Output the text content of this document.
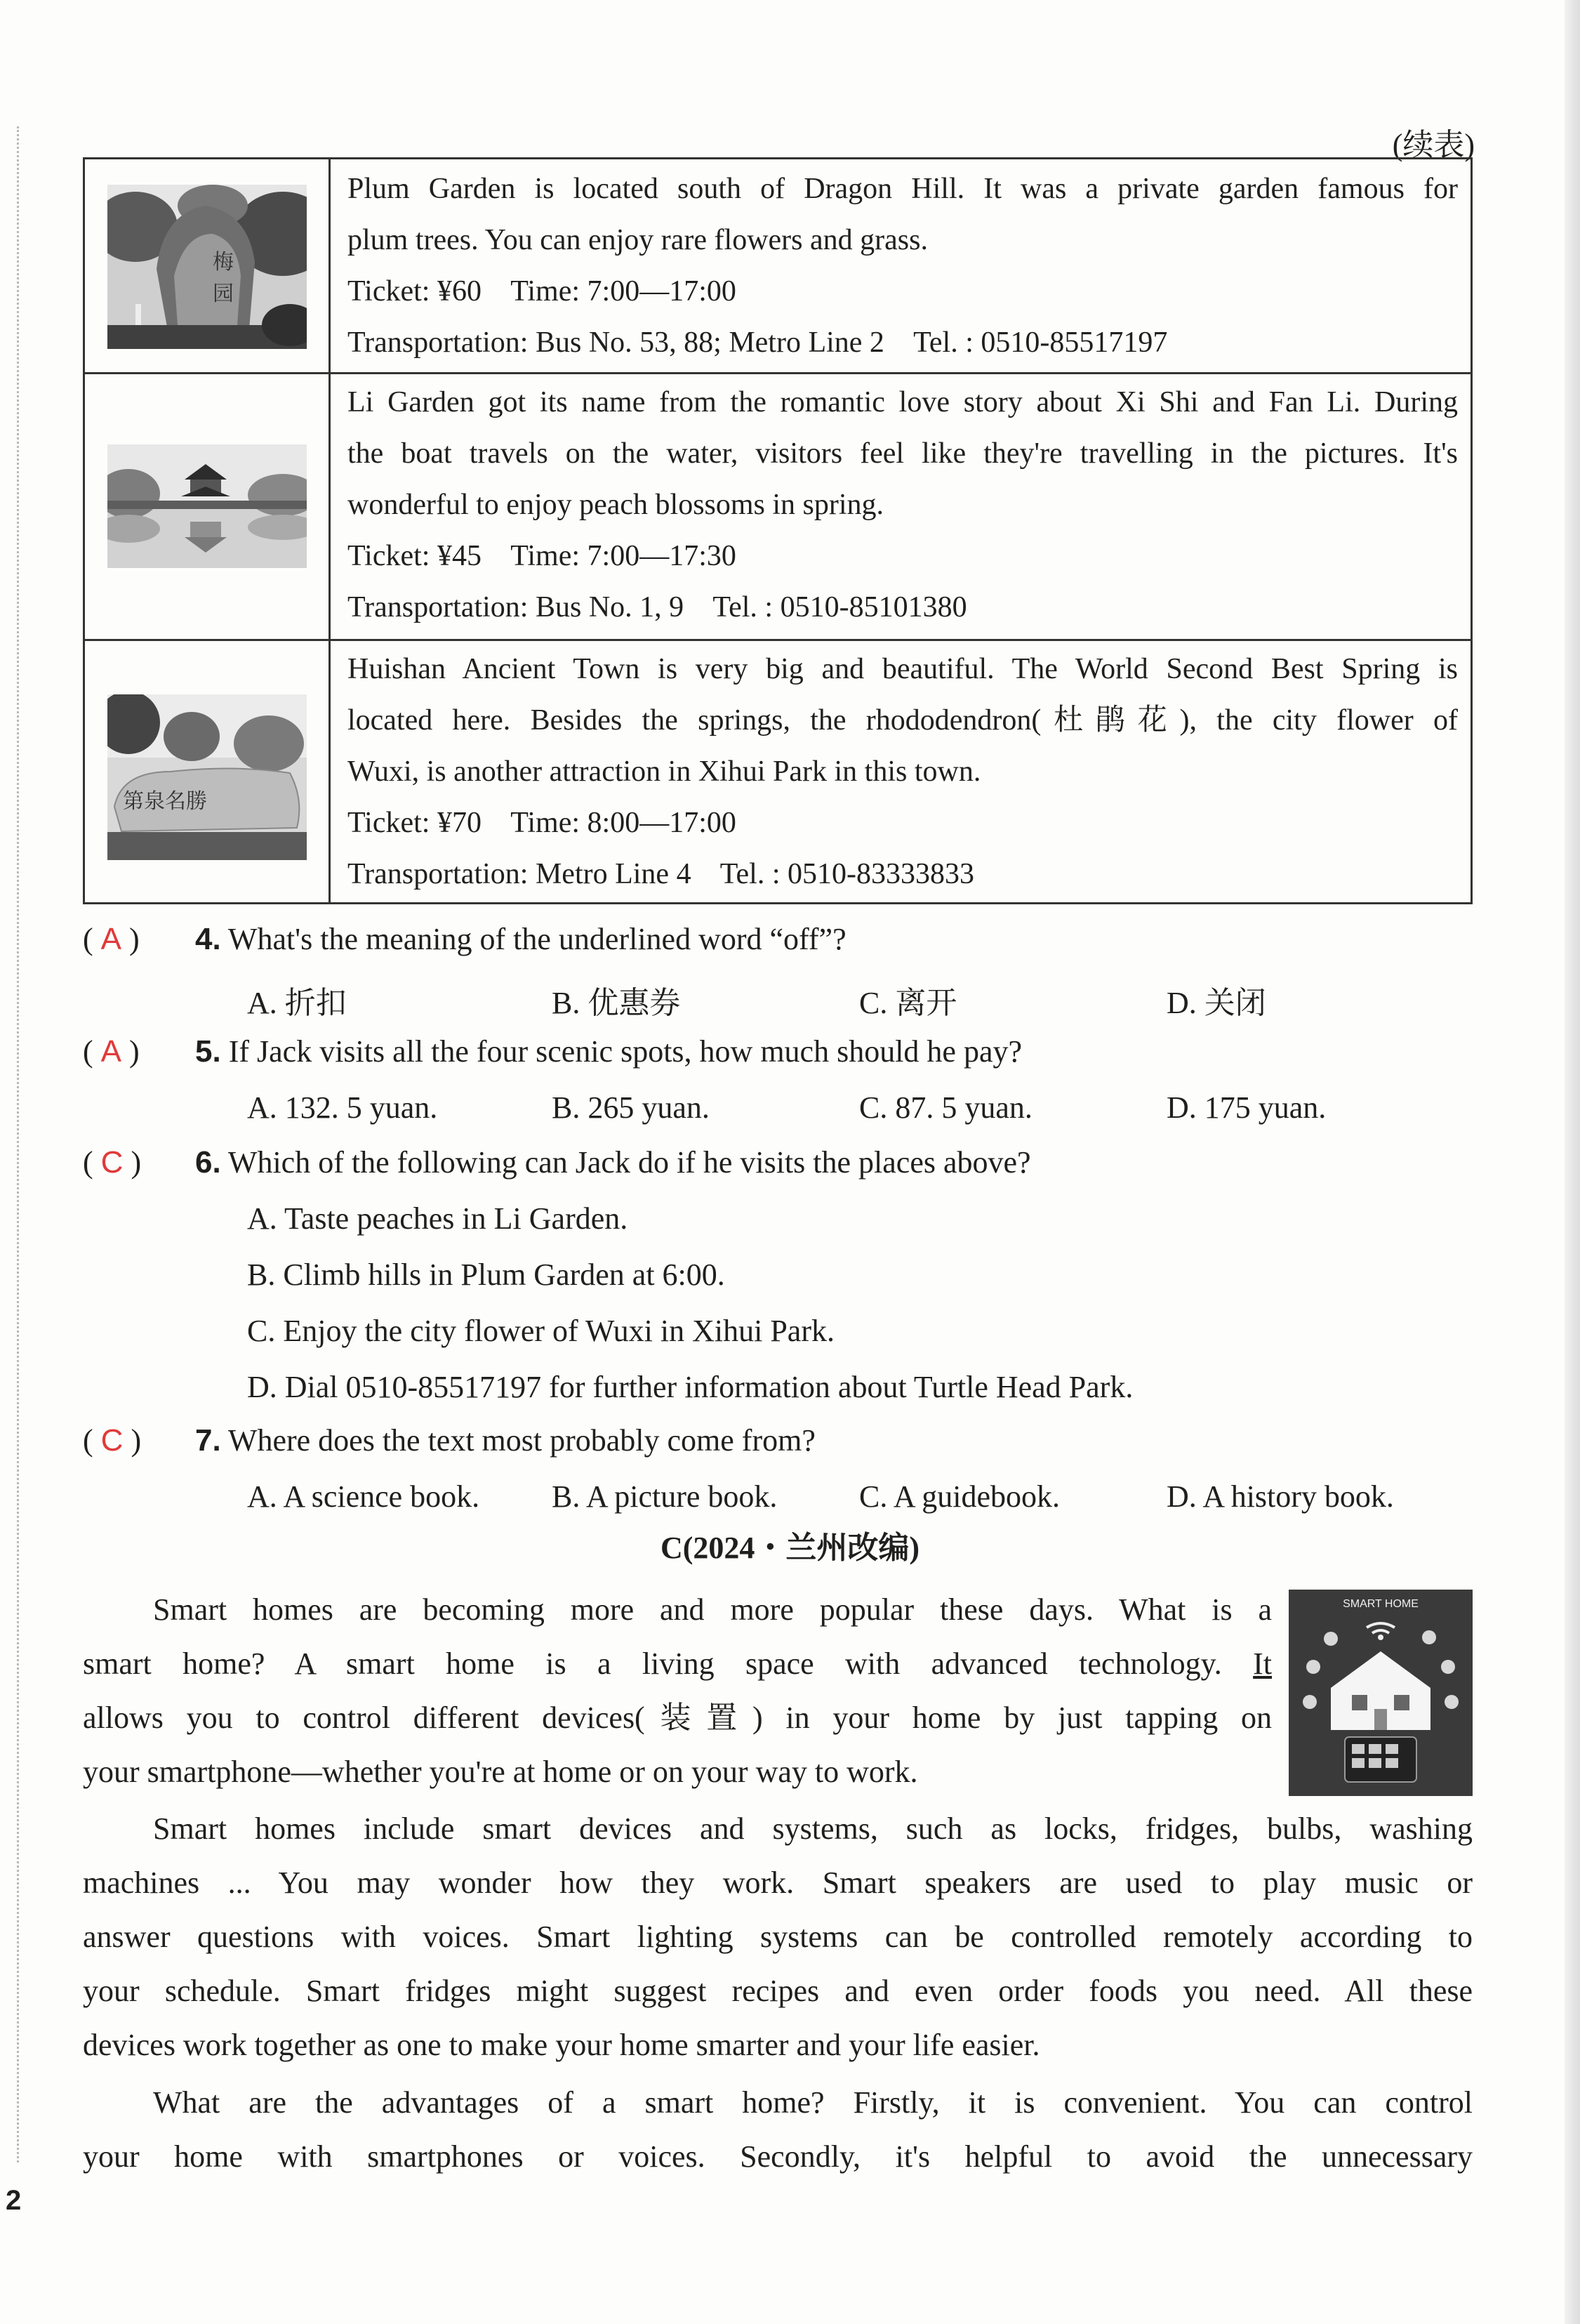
(续表)
梅
园

Plum Garden is located south of Dragon Hill. It was a private garden famous for

plum trees. You can enjoy rare flowers and grass.

Ticket: ¥60    Time: 7:00—17:00

Transportation: Bus No. 53, 88; Metro Line 2    Tel. : 0510-85517197

Li Garden got its name from the romantic love story about Xi Shi and Fan Li. During

the boat travels on the water, visitors feel like they're travelling in the pictures. It's

wonderful to enjoy peach blossoms in spring.

Ticket: ¥45    Time: 7:00—17:30

Transportation: Bus No. 1, 9    Tel. : 0510-85101380

第泉名勝

Huishan Ancient Town is very big and beautiful. The World Second Best Spring is

located here. Besides the springs, the rhododendron(杜鹃花), the city flower of

Wuxi, is another attraction in Xihui Park in this town.

Ticket: ¥70    Time: 8:00—17:00

Transportation: Metro Line 4    Tel. : 0510-83333833

( A ) 4. What's the meaning of the underlined word “off”?
A. 折扣	B. 优惠券	C. 离开	D. 关闭
( A ) 5. If Jack visits all the four scenic spots, how much should he pay?
A. 132. 5 yuan.	B. 265 yuan.	C. 87. 5 yuan.	D. 175 yuan.
( C ) 6. Which of the following can Jack do if he visits the places above?
A. Taste peaches in Li Garden.
B. Climb hills in Plum Garden at 6:00.
C. Enjoy the city flower of Wuxi in Xihui Park.
D. Dial 0510-85517197 for further information about Turtle Head Park.
( C ) 7. Where does the text most probably come from?
A. A science book. B. A picture book.	C. A guidebook.	D. A history book.
C(2024・兰州改编)
SMART HOME

Smart homes are becoming more and more popular these days. What is a

smart home? A smart home is a living space with advanced technology. It

allows you to control different devices(装置) in your home by just tapping on

your smartphone—whether you're at home or on your way to work.

Smart homes include smart devices and systems, such as locks, fridges, bulbs, washing

machines ... You may wonder how they work. Smart speakers are used to play music or

answer questions with voices. Smart lighting systems can be controlled remotely according to

your schedule. Smart fridges might suggest recipes and even order foods you need. All these

devices work together as one to make your home smarter and your life easier.

What are the advantages of a smart home? Firstly, it is convenient. You can control

your home with smartphones or voices. Secondly, it's helpful to avoid the unnecessary

2
